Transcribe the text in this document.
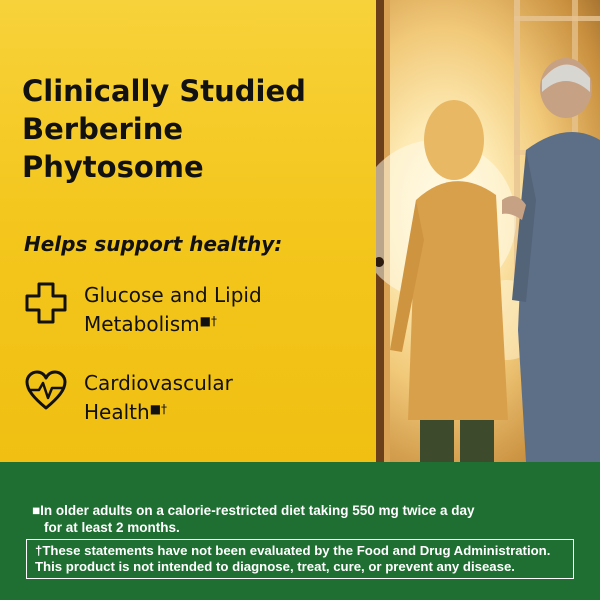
Clinically Studied
Berberine
Phytosome
Helps support healthy:
Glucose and Lipid
Metabolism■†
Cardiovascular
Health■†
■In older adults on a calorie-restricted diet taking 550 mg twice a day
for at least 2 months.
†These statements have not been evaluated by the Food and Drug Administration.
This product is not intended to diagnose, treat, cure, or prevent any disease.
